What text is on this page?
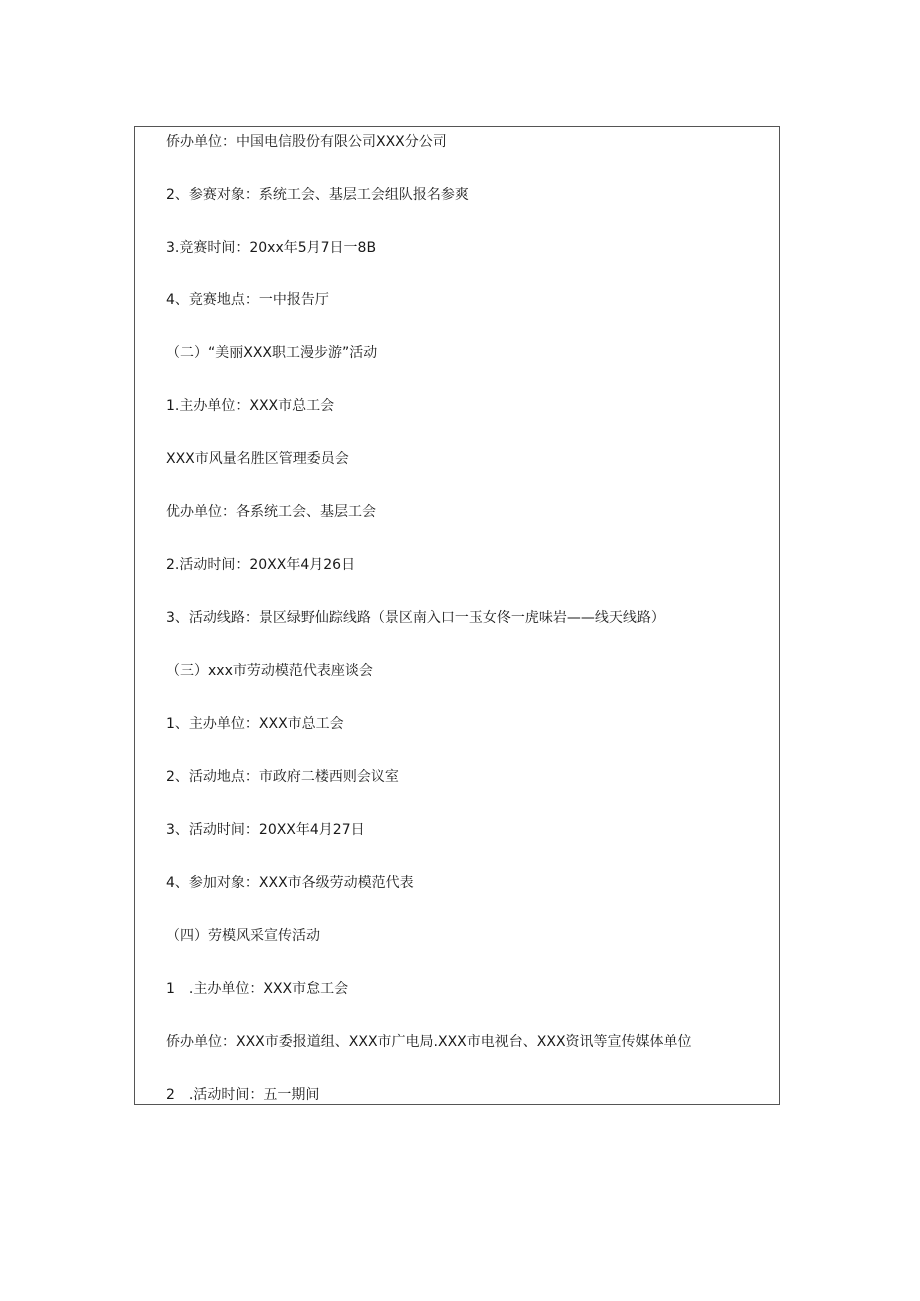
侨办单位：中国电信股份有限公司XXX分公司
2、参赛对象：系统工会、基层工会组队报名参爽
3.竞赛时间：20xx年5月7日一8B
4、竞赛地点：一中报告厅
（二）“美丽XXX职工漫步游”活动
1.主办单位：XXX市总工会
XXX市风量名胜区管理委员会
优办单位：各系统工会、基层工会
2.活动时间：20XX年4月26日
3、活动线路：景区绿野仙踪线路（景区南入口一玉女佟一虎味岩——线天线路）
（三）xxx市劳动模范代表座谈会
1、主办单位：XXX市总工会
2、活动地点：市政府二楼西则会议室
3、活动时间：20XX年4月27日
4、参加对象：XXX市各级劳动模范代表
（四）劳模风采宣传活动
1　.主办单位：XXX市怠工会
侨办单位：XXX市委报道组、XXX市广电局.XXX市电视台、XXX资讯等宣传媒体单位
2　.活动时间：五一期间
